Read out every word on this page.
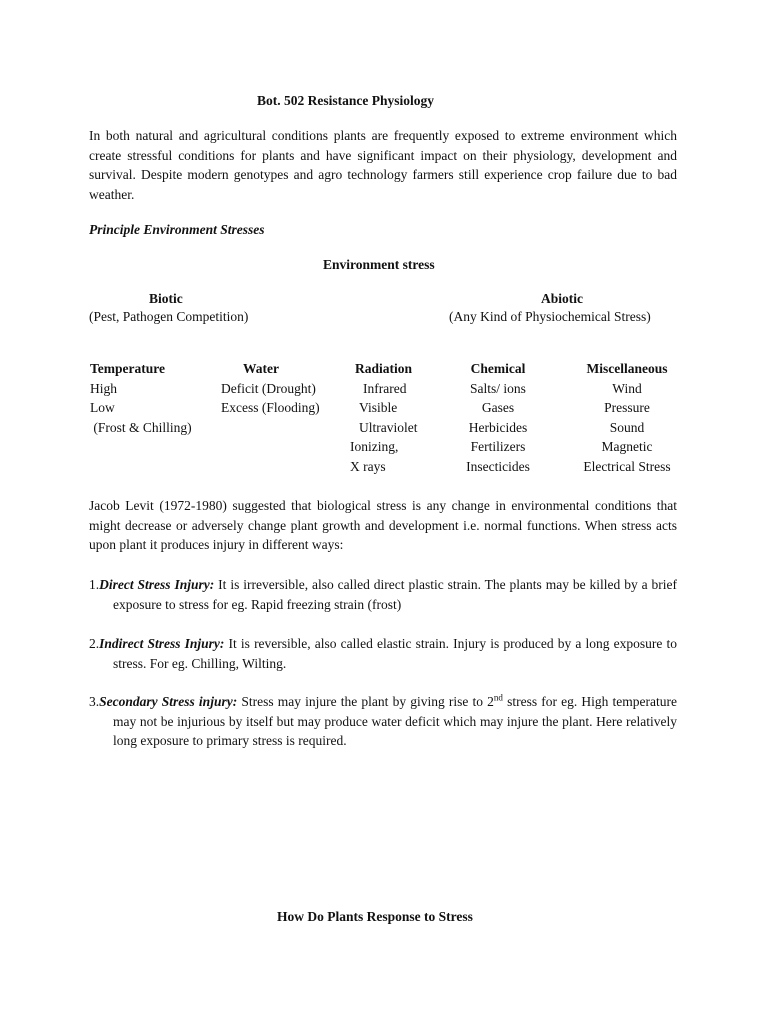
Bot. 502 Resistance Physiology
In both natural and agricultural conditions plants are frequently exposed to extreme environment which create stressful conditions for plants and have significant impact on their physiology, development and survival. Despite modern genotypes and agro technology farmers still experience crop failure due to bad weather.
Principle Environment Stresses
Environment stress
Biotic
(Pest, Pathogen Competition)
Abiotic
(Any Kind of Physiochemical Stress)
Temperature
High
Low
(Frost & Chilling)
Water
Deficit (Drought)
Excess (Flooding)
Radiation
Infrared
Visible
Ultraviolet
Ionizing,
X rays
Chemical
Salts/ ions
Gases
Herbicides
Fertilizers
Insecticides
Miscellaneous
Wind
Pressure
Sound
Magnetic
Electrical Stress
Jacob Levit (1972-1980) suggested that biological stress is any change in environmental conditions that might decrease or adversely change plant growth and development i.e. normal functions. When stress acts upon plant it produces injury in different ways:
1.Direct Stress Injury: It is irreversible, also called direct plastic strain. The plants may be killed by a brief exposure to stress for eg. Rapid freezing strain (frost)
2.Indirect Stress Injury: It is reversible, also called elastic strain. Injury is produced by a long exposure to stress. For eg. Chilling, Wilting.
3.Secondary Stress injury: Stress may injure the plant by giving rise to 2nd stress for eg. High temperature may not be injurious by itself but may produce water deficit which may injure the plant. Here relatively long exposure to primary stress is required.
How Do Plants Response to Stress
